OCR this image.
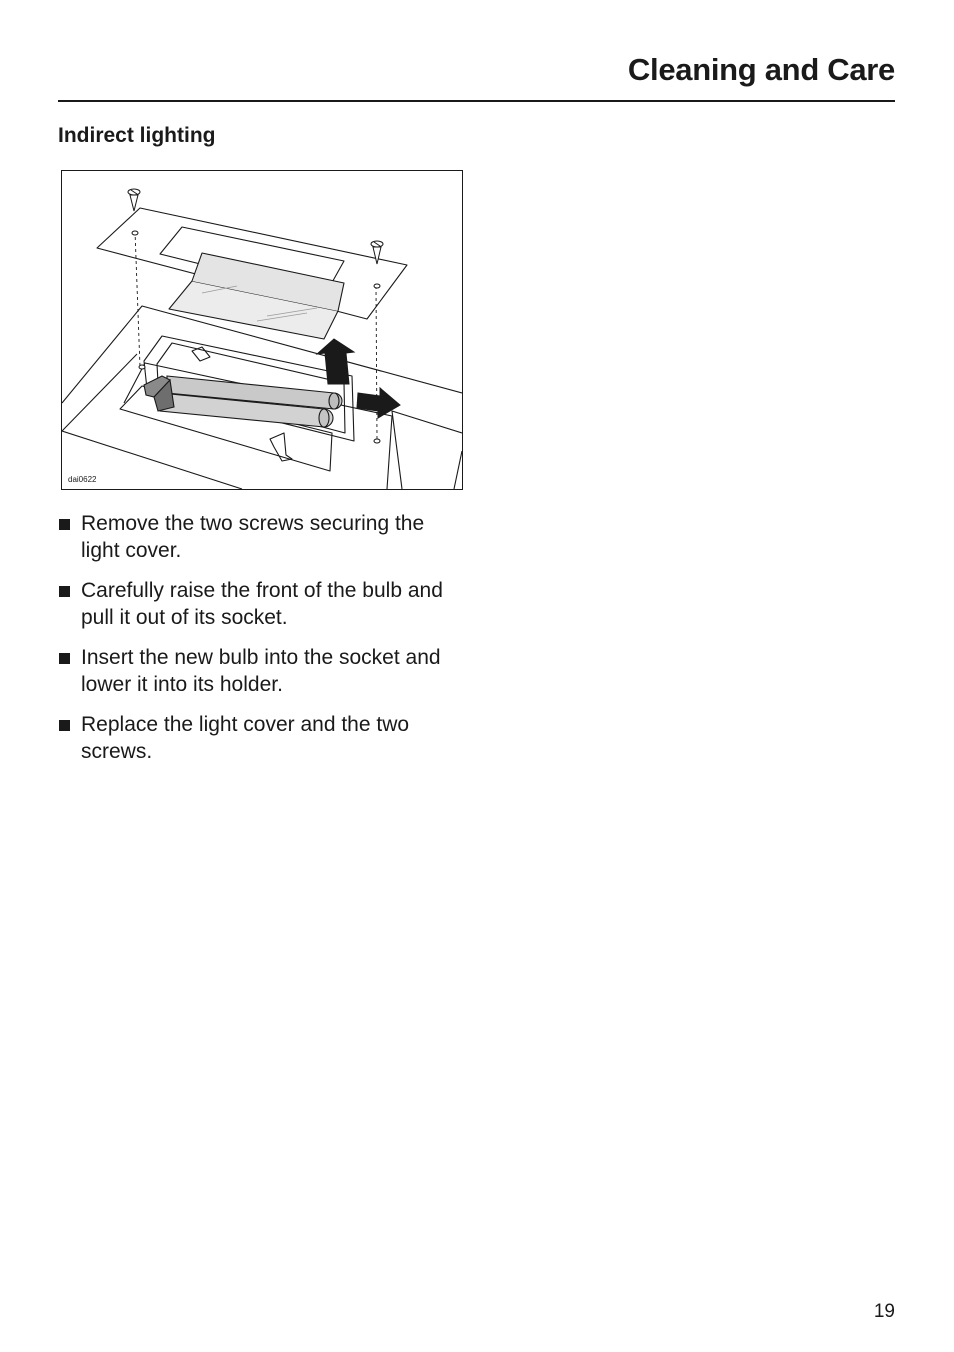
Cleaning and Care
Indirect lighting
dai0622
Remove the two screws securing the light cover.
Carefully raise the front of the bulb and pull it out of its socket.
Insert the new bulb into the socket and lower it into its holder.
Replace the light cover and the two screws.
19
